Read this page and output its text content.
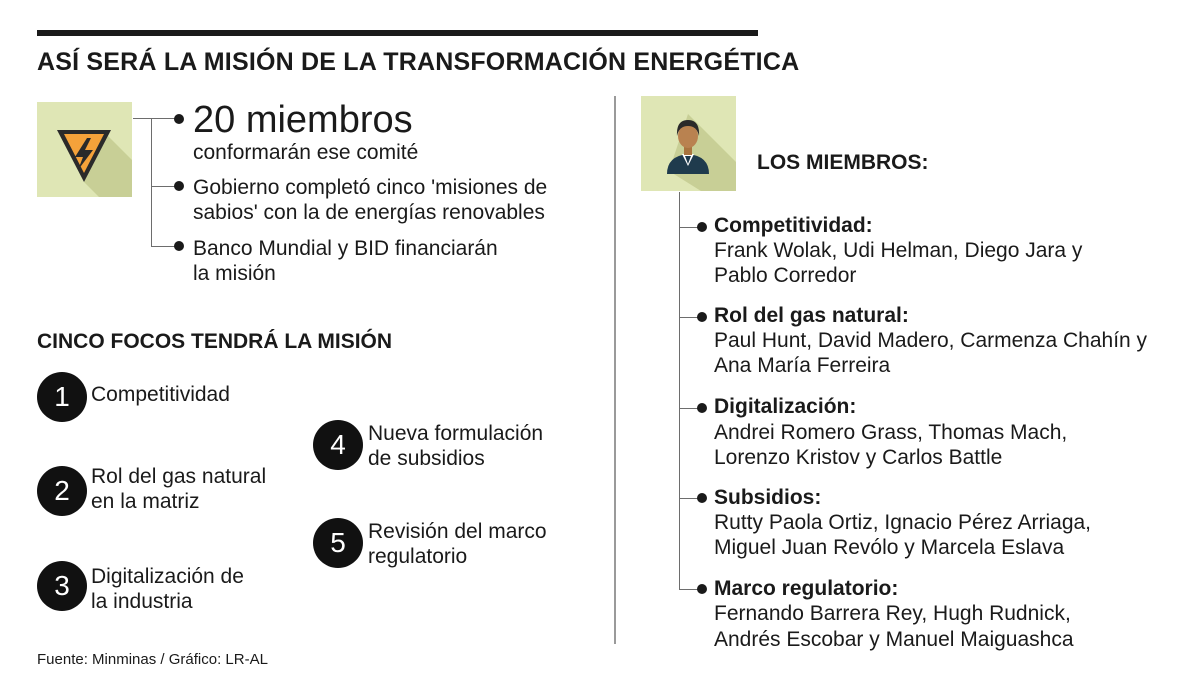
ASÍ SERÁ LA MISIÓN DE LA TRANSFORMACIÓN ENERGÉTICA
20 miembros
conformarán ese comité
Gobierno completó cinco 'misiones de
sabios' con la de energías renovables
Banco Mundial y BID financiarán
la misión
CINCO FOCOS TENDRÁ LA MISIÓN
1	Competitividad
2	Rol del gas natural
en la matriz
3	Digitalización de
la industria
4	Nueva formulación
de subsidios
5	Revisión del marco
regulatorio
LOS MIEMBROS:
Competitividad:
Frank Wolak, Udi Helman, Diego Jara y
Pablo Corredor
Rol del gas natural:
Paul Hunt, David Madero, Carmenza Chahín y
Ana María Ferreira
Digitalización:
Andrei Romero Grass, Thomas Mach,
Lorenzo Kristov y Carlos Battle
Subsidios:
Rutty Paola Ortiz, Ignacio Pérez Arriaga,
Miguel Juan Revólo y Marcela Eslava
Marco regulatorio:
Fernando Barrera Rey, Hugh Rudnick,
Andrés Escobar y Manuel Maiguashca
Fuente: Minminas / Gráfico: LR-AL
